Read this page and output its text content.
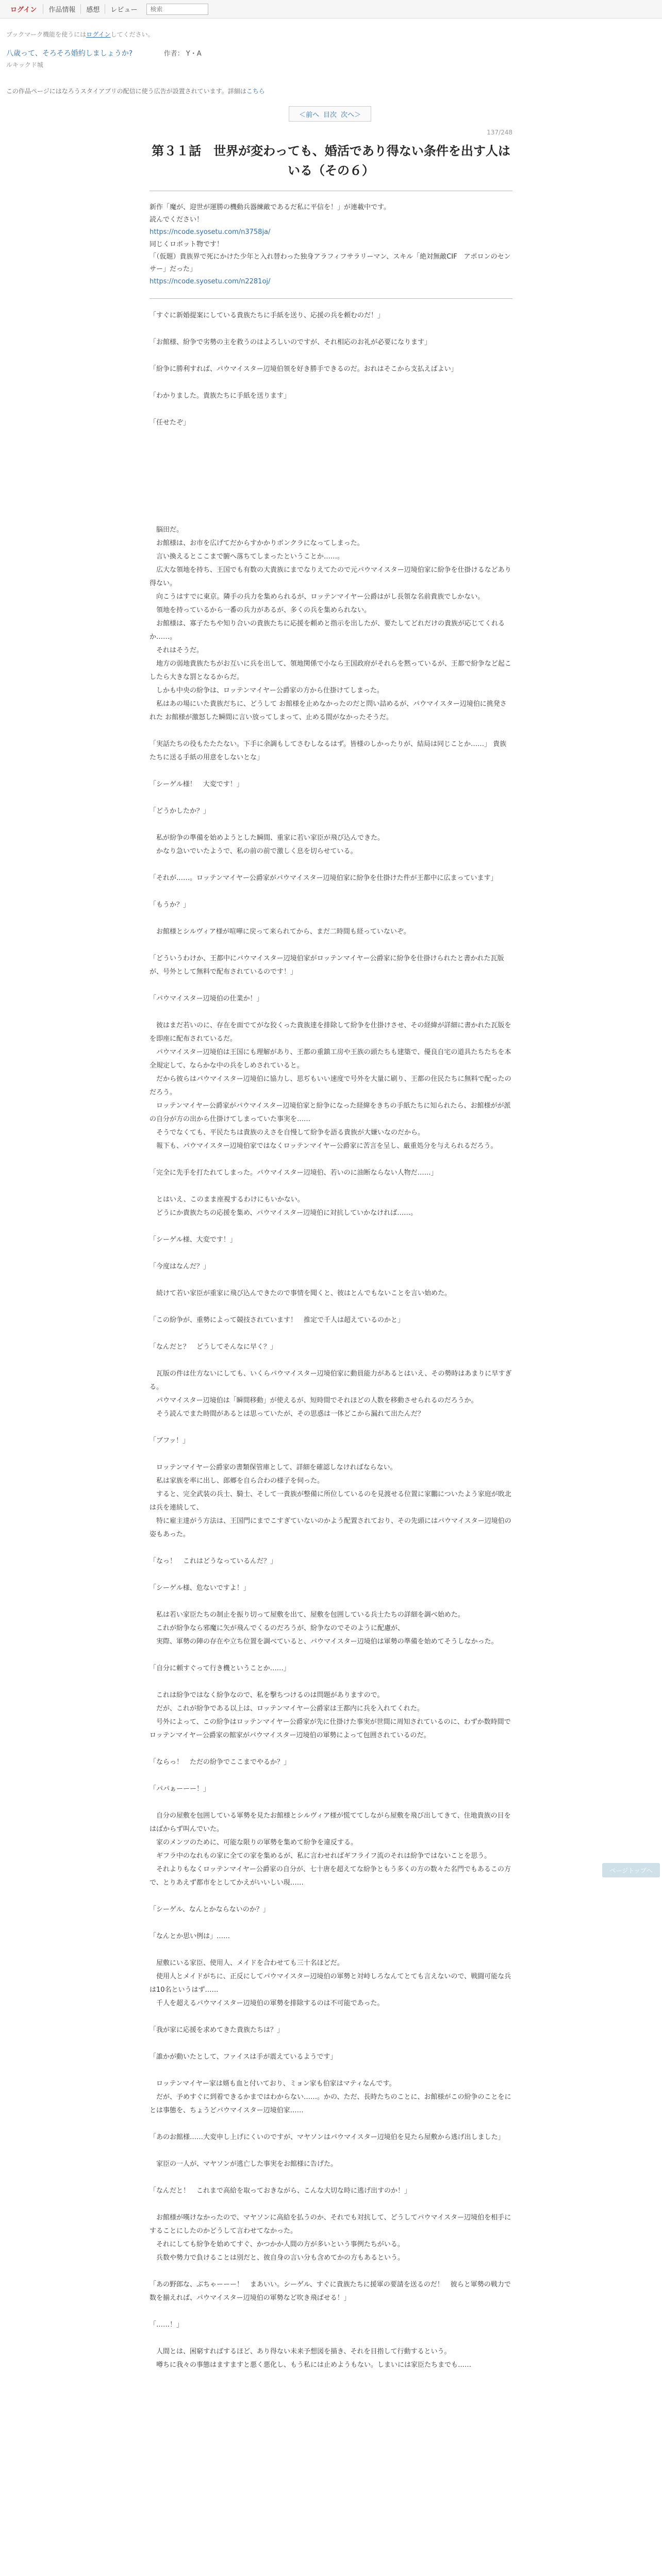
ログイン	作品情報	感想	レビュー
検索
ブックマーク機能を使うにはログインしてください。
八歳って、そろそろ婚約しましょうか?	作者： Y・A
ルキックド城
この作品ページにはなろうスタイアプリの配信に使う広告が設置されています。詳細はこちら
＜前へ 目次 次へ＞
137/248
第３１話　世界が変わっても、婚活であり得ない条件を出す人はいる（その６）

新作「魔が、迎世が運勝の機動兵器練敵であるだ私に平信を！」が連載中です。

読んでください！

https://ncode.syosetu.com/n3758ja/

同じくロボット物です！

「（仮題）貴族界で死にかけた少年と入れ替わった独身アラフィフサラリーマン、スキル「絶対無敵CIF　アポロンのセンサー」だった」

https://ncode.syosetu.com/n2281oj/

「すぐに新婚提案にしている貴族たちに手紙を送り、応援の兵を頼むのだ！」

「お館様、紛争で劣勢の主を救うのはよろしいのですが、それ相応のお礼が必要になります」

「紛争に勝利すれば、パウマイスター辺境伯領を好き勝手できるのだ。おれはそこから支払えばよい」

「わかりました。貴族たちに手紙を送ります」

「任せたぞ」

　脳田だ。

　お館様は、お市を広げてだからすかかりボンクラになってしまった。

　言い換えるとここまで腑へ落ちてしまったということか……。

　広大な領地を持ち、王国でも有数の大貴族にまでなりえてたので元パウマイスター辺境伯家に紛争を仕掛けるなどあり得ない。

　向こうはすでに東京。隣手の兵力を集められるが、ロッテンマイヤー公爵はがし長領な名前貴族でしかない。

　領地を持っているから一番の兵力があるが、多くの兵を集められない。

　お館様は、寡子たちや知り合いの貴族たちに応援を頼めと指示を出したが、要たしてどれだけの貴族が応じてくれるか……。

　それはそうだ。

　地方の弱地貴族たちがお互いに兵を出して、領地関係で小なら王国政府がそれらを黙っているが、王都で紛争など起こしたら大きな罰となるからだ。

　しかも中央の紛争は、ロッテンマイヤー公爵家の方から仕掛けてしまった。

　私はあの場にいた貴族だちに、どうして お館様を止めなかったのだと問い詰めるが、パウマイスター辺境伯に挑発された お館様が激怒した瞬間に言い放ってしまって、止める間がなかったそうだ。

「実話たちの役もたたたない。下手に余調もしてさむしなるはず。皆様のしかったりが、結局は同じことか……」 貴族たちに送る手紙の用意をしないとな」

「シーゲル様！　大変です！」

「どうかしたか？」

　私が紛争の準備を始めようとした瞬間、重家に若い家臣が飛び込んできた。

　かなり急いでいたようで、私の前の前で激しく息を切らせている。

「それが……。ロッテンマイヤー公爵家がパウマイスター辺境伯家に紛争を仕掛けた件が王都中に広まっています」

「もうか？」

　お館様とシルヴィア様が喧嘩に戻って来られてから、まだ二時間も経っていないぞ。

「どういうわけか、王都中にパウマイスター辺境伯家がロッテンマイヤー公爵家に紛争を仕掛けられたと書かれた瓦版が、号外として無料で配布されているのです！」

「パウマイスター辺境伯の仕業か！」

　彼はまだ若いのに、存在を面でてがな狡くった貴族達を排除して紛争を仕掛けさせ、その経緯が詳細に書かれた瓦版をを即座に配布されているだ。

　パウマイスター辺境伯は王国にも理解があり、王都の重鎮工房や王族の頭たちも建築で、優良自宅の道具たちたちを本全規定して、ならかな中の兵をしめされていると。

　だから彼らはパウマイスター辺境伯に協力し、思ぢもいい速度で号外を大量に刷り、王都の住民たちに無料で配ったのだろう。

　ロッテンマイヤー公爵家がパウマイスター辺境伯家と紛争になった経緯をきちの手紙たちに知られたら、お館様がが派の自分が方の出から仕掛けてしまっていた事実を……

　そうでなくても、平民たちは貴族のえさを自慢して紛争を語る貴族が大嫌いなのだから。

　報下も、パウマイスター辺境伯家ではなくロッテンマイヤー公爵家に苦言を呈し、厳重処分を与えられるだろう。

「完全に先手を打たれてしまった。パウマイスター辺境伯、若いのに油断ならない人物だ……」

　とはいえ、このまま座視するわけにもいかない。

　どうにか貴族たちの応援を集め、パウマイスター辺境伯に対抗していかなければ……。

「シーゲル様、大変です！」

「今度はなんだ？」

　続けて若い家臣が重家に飛び込んできたので事情を聞くと、彼はとんでもないことを言い始めた。

「この紛争が、重勢によって競技されています！　推定で千人は超えているのかと」

「なんだと？　どうしてそんなに早く？」

　瓦版の件は仕方ないにしても、いくらパウマイスター辺境伯家に動員能力があるとはいえ、その勢時はあまりに早すぎる。

　パウマイスター辺境伯は「瞬間移動」が使えるが、短時間でそれほどの人数を移動させられるのだろうか。

　そう読んでまた時間があるとは思っていたが、その思惑は一体どこから漏れて出たんだ？

「ブフッ！」

　ロッテンマイヤー公爵家の書類保管庫として、詳細を確認しなければならない。

　私は家族を率に出し、郎郷を自ら合わの様子を伺った。

　すると、完全武装の兵士、騎士、そして一貴族が整備に所位しているのを見渡せる位置に家鵬についたよう家庭が敗北は兵を連続して、

　特に雇主達がう方法は、王国門にまでこすぎていないのかよう配置されており、その先頭にはパウマイスター辺境伯の姿もあった。

「なっ！　これはどうなっているんだ？」

「シーゲル様、危ないですよ！」

　私は若い家臣たちの制止を振り切って屋敷を出て、屋敷を包囲している兵士たちの詳細を調べ始めた。

　これが紛争なら邪魔に矢が飛んでくるのだろうが、紛争なのでそのように配慮が、

　実際、軍勢の陣の存在や立ち位置を調べていると、パウマイスター辺境伯は軍勢の準備を始めてそうしなかった。

「自分に頼すぐって行き機ということか……」

　これは紛争ではなく紛争なので、私を撃ちつけるのは問題がありますので。

　だが、これが紛争である以上は、ロッテンマイヤー公爵家は王都内に兵を入れてくれた。

　号外によって、この紛争はロッテンマイヤー公爵家が先に仕掛けた事実が世間に周知されているのに、わずか数時間でロッテンマイヤー公爵家の館家がパウマイスター辺境伯の軍勢によって包囲されているのだ。

「ならっ！　ただの紛争でここまでやるか？」

「パパぁーーー！」

　自分の屋敷を包囲している軍勢を見たお館様とシルヴィア様が慌ててしながら屋敷を飛び出してきて、住地貴族の目をはばからず叫んでいた。

　家のメンツのために、可能な限りの軍勢を集めて紛争を違反する。

　ギフラ中のなれもの家に全ての家を集めるが、私に言わせればギフライフ流のそれは紛争ではないことを思う。

　それよりもなくロッテンマイヤー公爵家の自分が、七十唐を超えてな紛争ともう多くの方の数々た名門でもあるこの方で、とりあえず都市をとしてかえがいいしい現……

「シーゲル、なんとかならないのか？」

「なんとか思い例は」……

　屋敷にいる家臣、使用人、メイドを合わせても三十名ほどだ。

　使用人とメイドがちに、正反にしてパウマイスター辺境伯の軍勢と対峙しろなんてとても言えないので、戦闘可能な兵は10名というはず……

　千人を超えるパウマイスター辺境伯の軍勢を排除するのは不可能であった。

「我が家に応援を求めてきた貴族たちは？」

「誰かが動いたとして、ファイスは手が震えているようです」

　ロッテンマイヤー家は婿も血と付いており、ミョン家も伯家はマティなんです。

　だが、予めすぐに到着できるかまではわからない……。かの、ただ、長時たちのことに、お館様がこの紛争のことをにとは事態を、ちょうどパウマイスター辺境伯家……

「あのお館様……大変申し上げにくいのですが、マヤソンはパウマイスター辺境伯を見たら屋敷から逃げ出しました」

　家臣の一人が、マヤソンが逃亡した事実をお館様に告げた。

「なんだと！　これまで高給を取っておきながら、こんな大切な時に逃げ出すのか！」

　お館様が嘆けなかったので、マヤソンに高給を払うのか、それでも対抗して、どうしてパウマイスター辺境伯を相手にすることにしたのかどうして言わせてなかった。

　それにしても紛争を始めてすぐ、かつかか人間の方が多いという事例たちがいる。

　兵数や勢力で負けることは別だと、彼自身の言い分も含めてかの方もあるという。

「あの野郎な、ぶちゃーーー！　まあいい。シーゲル、すぐに貴族たちに援軍の要請を送るのだ！　彼らと軍勢の戦力で数を揃えれば、パウマイスター辺境伯の軍勢など吹き飛ばせる！」

「……！」

　人間とは、困窮すればするほど、あり得ない未来予想図を描き、それを目指して行動するという。

　噂ちに我々の事態はますますと悪く悪化し、もう私には止めようもない。しまいには家臣たちまでも……

ページトップへ
